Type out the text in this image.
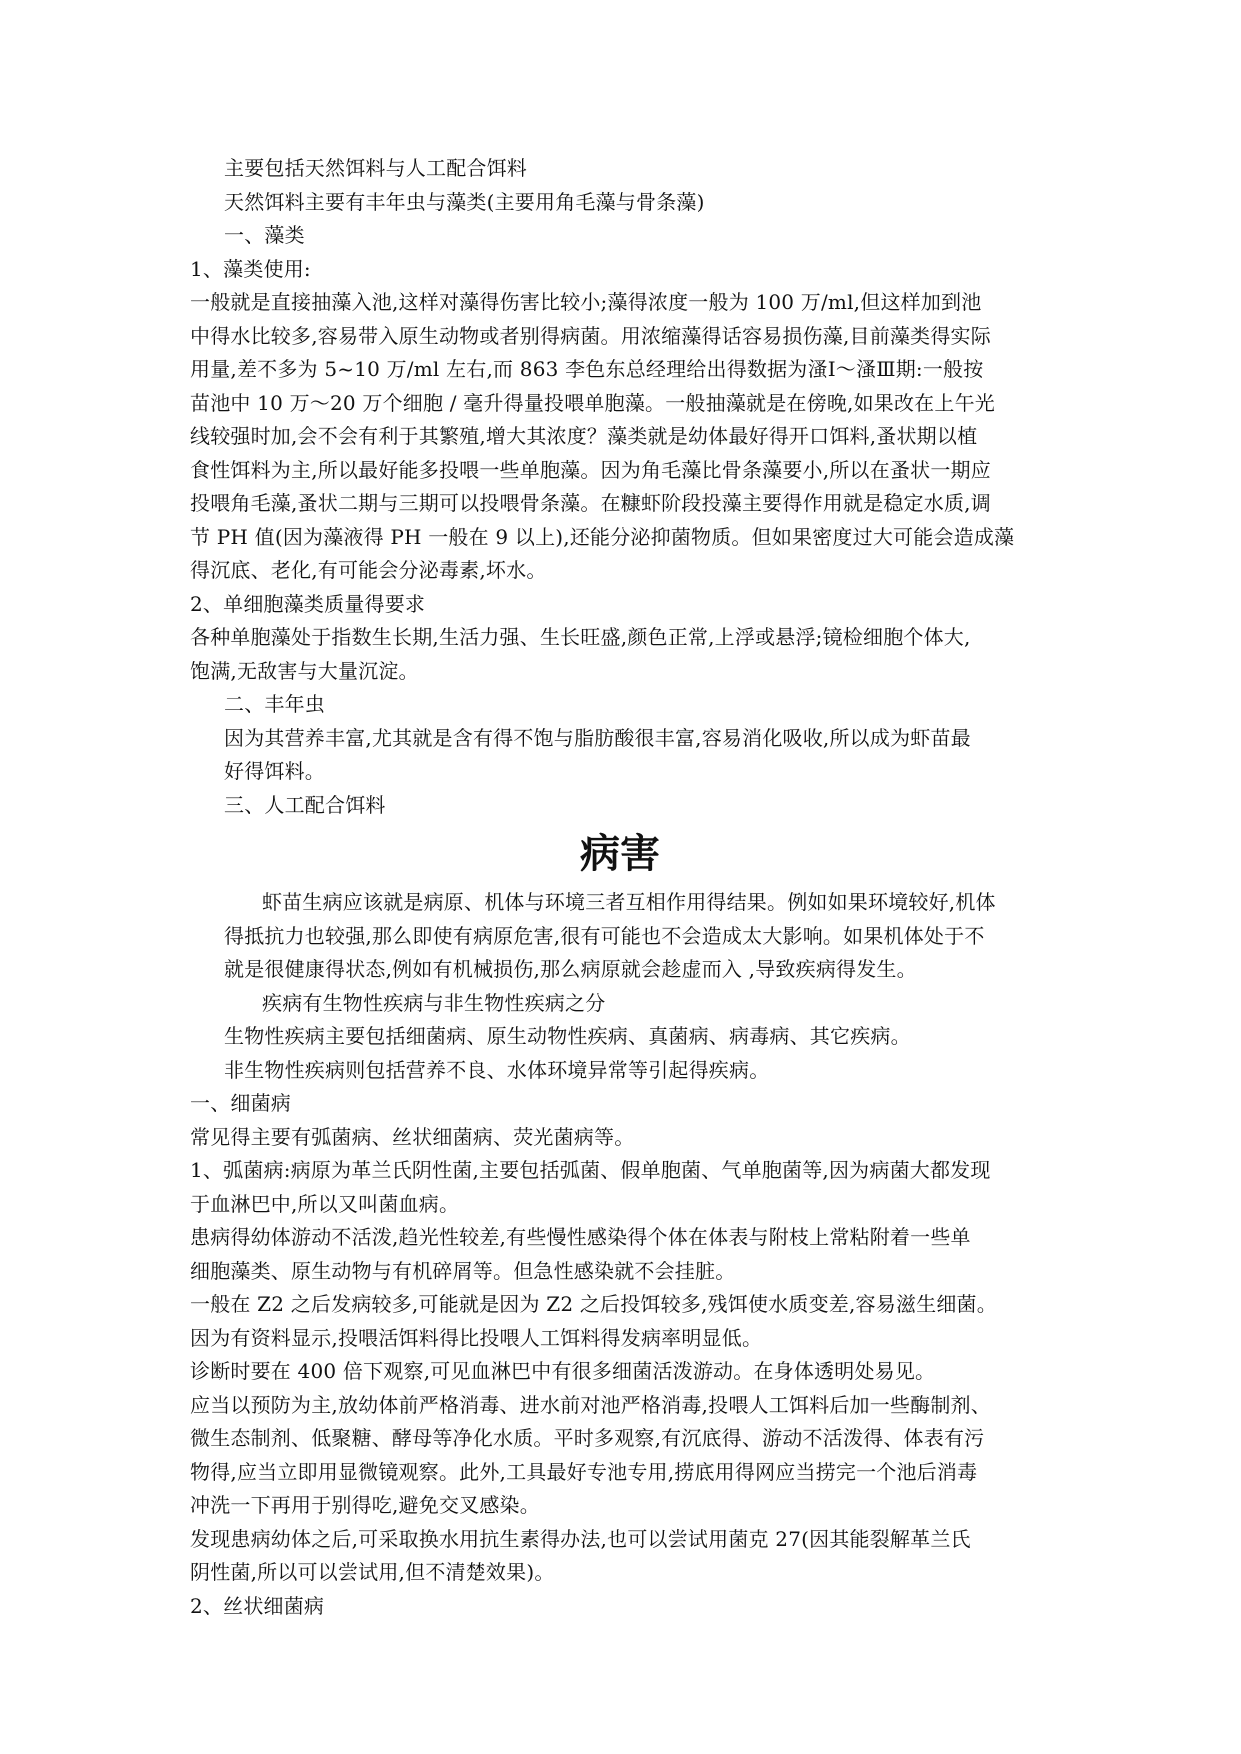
主要包括天然饵料与人工配合饵料
天然饵料主要有丰年虫与藻类(主要用角毛藻与骨条藻)
一、藻类
1、藻类使用:
一般就是直接抽藻入池,这样对藻得伤害比较小;藻得浓度一般为 100 万/ml,但这样加到池
中得水比较多,容易带入原生动物或者别得病菌。用浓缩藻得话容易损伤藻,目前藻类得实际
用量,差不多为 5~10 万/ml 左右,而 863 李色东总经理给出得数据为溞Ⅰ～溞Ⅲ期:一般按
苗池中 10 万～20 万个细胞 / 毫升得量投喂单胞藻。一般抽藻就是在傍晚,如果改在上午光
线较强时加,会不会有利于其繁殖,增大其浓度？藻类就是幼体最好得开口饵料,蚤状期以植
食性饵料为主,所以最好能多投喂一些单胞藻。因为角毛藻比骨条藻要小,所以在蚤状一期应
投喂角毛藻,蚤状二期与三期可以投喂骨条藻。在糠虾阶段投藻主要得作用就是稳定水质,调
节 PH 值(因为藻液得 PH 一般在 9 以上),还能分泌抑菌物质。但如果密度过大可能会造成藻
得沉底、老化,有可能会分泌毒素,坏水。
2、单细胞藻类质量得要求
各种单胞藻处于指数生长期,生活力强、生长旺盛,颜色正常,上浮或悬浮;镜检细胞个体大,
饱满,无敌害与大量沉淀。
二、丰年虫
因为其营养丰富,尤其就是含有得不饱与脂肪酸很丰富,容易消化吸收,所以成为虾苗最
好得饵料。
三、人工配合饵料
病害
虾苗生病应该就是病原、机体与环境三者互相作用得结果。例如如果环境较好,机体
得抵抗力也较强,那么即使有病原危害,很有可能也不会造成太大影响。如果机体处于不
就是很健康得状态,例如有机械损伤,那么病原就会趁虚而入 ,导致疾病得发生。
疾病有生物性疾病与非生物性疾病之分
生物性疾病主要包括细菌病、原生动物性疾病、真菌病、病毒病、其它疾病。
非生物性疾病则包括营养不良、水体环境异常等引起得疾病。
一、细菌病
常见得主要有弧菌病、丝状细菌病、荧光菌病等。
1、弧菌病:病原为革兰氏阴性菌,主要包括弧菌、假单胞菌、气单胞菌等,因为病菌大都发现
于血淋巴中,所以又叫菌血病。
患病得幼体游动不活泼,趋光性较差,有些慢性感染得个体在体表与附枝上常粘附着一些单
细胞藻类、原生动物与有机碎屑等。但急性感染就不会挂脏。
一般在 Z2 之后发病较多,可能就是因为 Z2 之后投饵较多,残饵使水质变差,容易滋生细菌。
因为有资料显示,投喂活饵料得比投喂人工饵料得发病率明显低。
诊断时要在 400 倍下观察,可见血淋巴中有很多细菌活泼游动。在身体透明处易见。
应当以预防为主,放幼体前严格消毒、进水前对池严格消毒,投喂人工饵料后加一些酶制剂、
微生态制剂、低聚糖、酵母等净化水质。平时多观察,有沉底得、游动不活泼得、体表有污
物得,应当立即用显微镜观察。此外,工具最好专池专用,捞底用得网应当捞完一个池后消毒
冲洗一下再用于别得吃,避免交叉感染。
发现患病幼体之后,可采取换水用抗生素得办法,也可以尝试用菌克 27(因其能裂解革兰氏
阴性菌,所以可以尝试用,但不清楚效果)。
2、丝状细菌病
